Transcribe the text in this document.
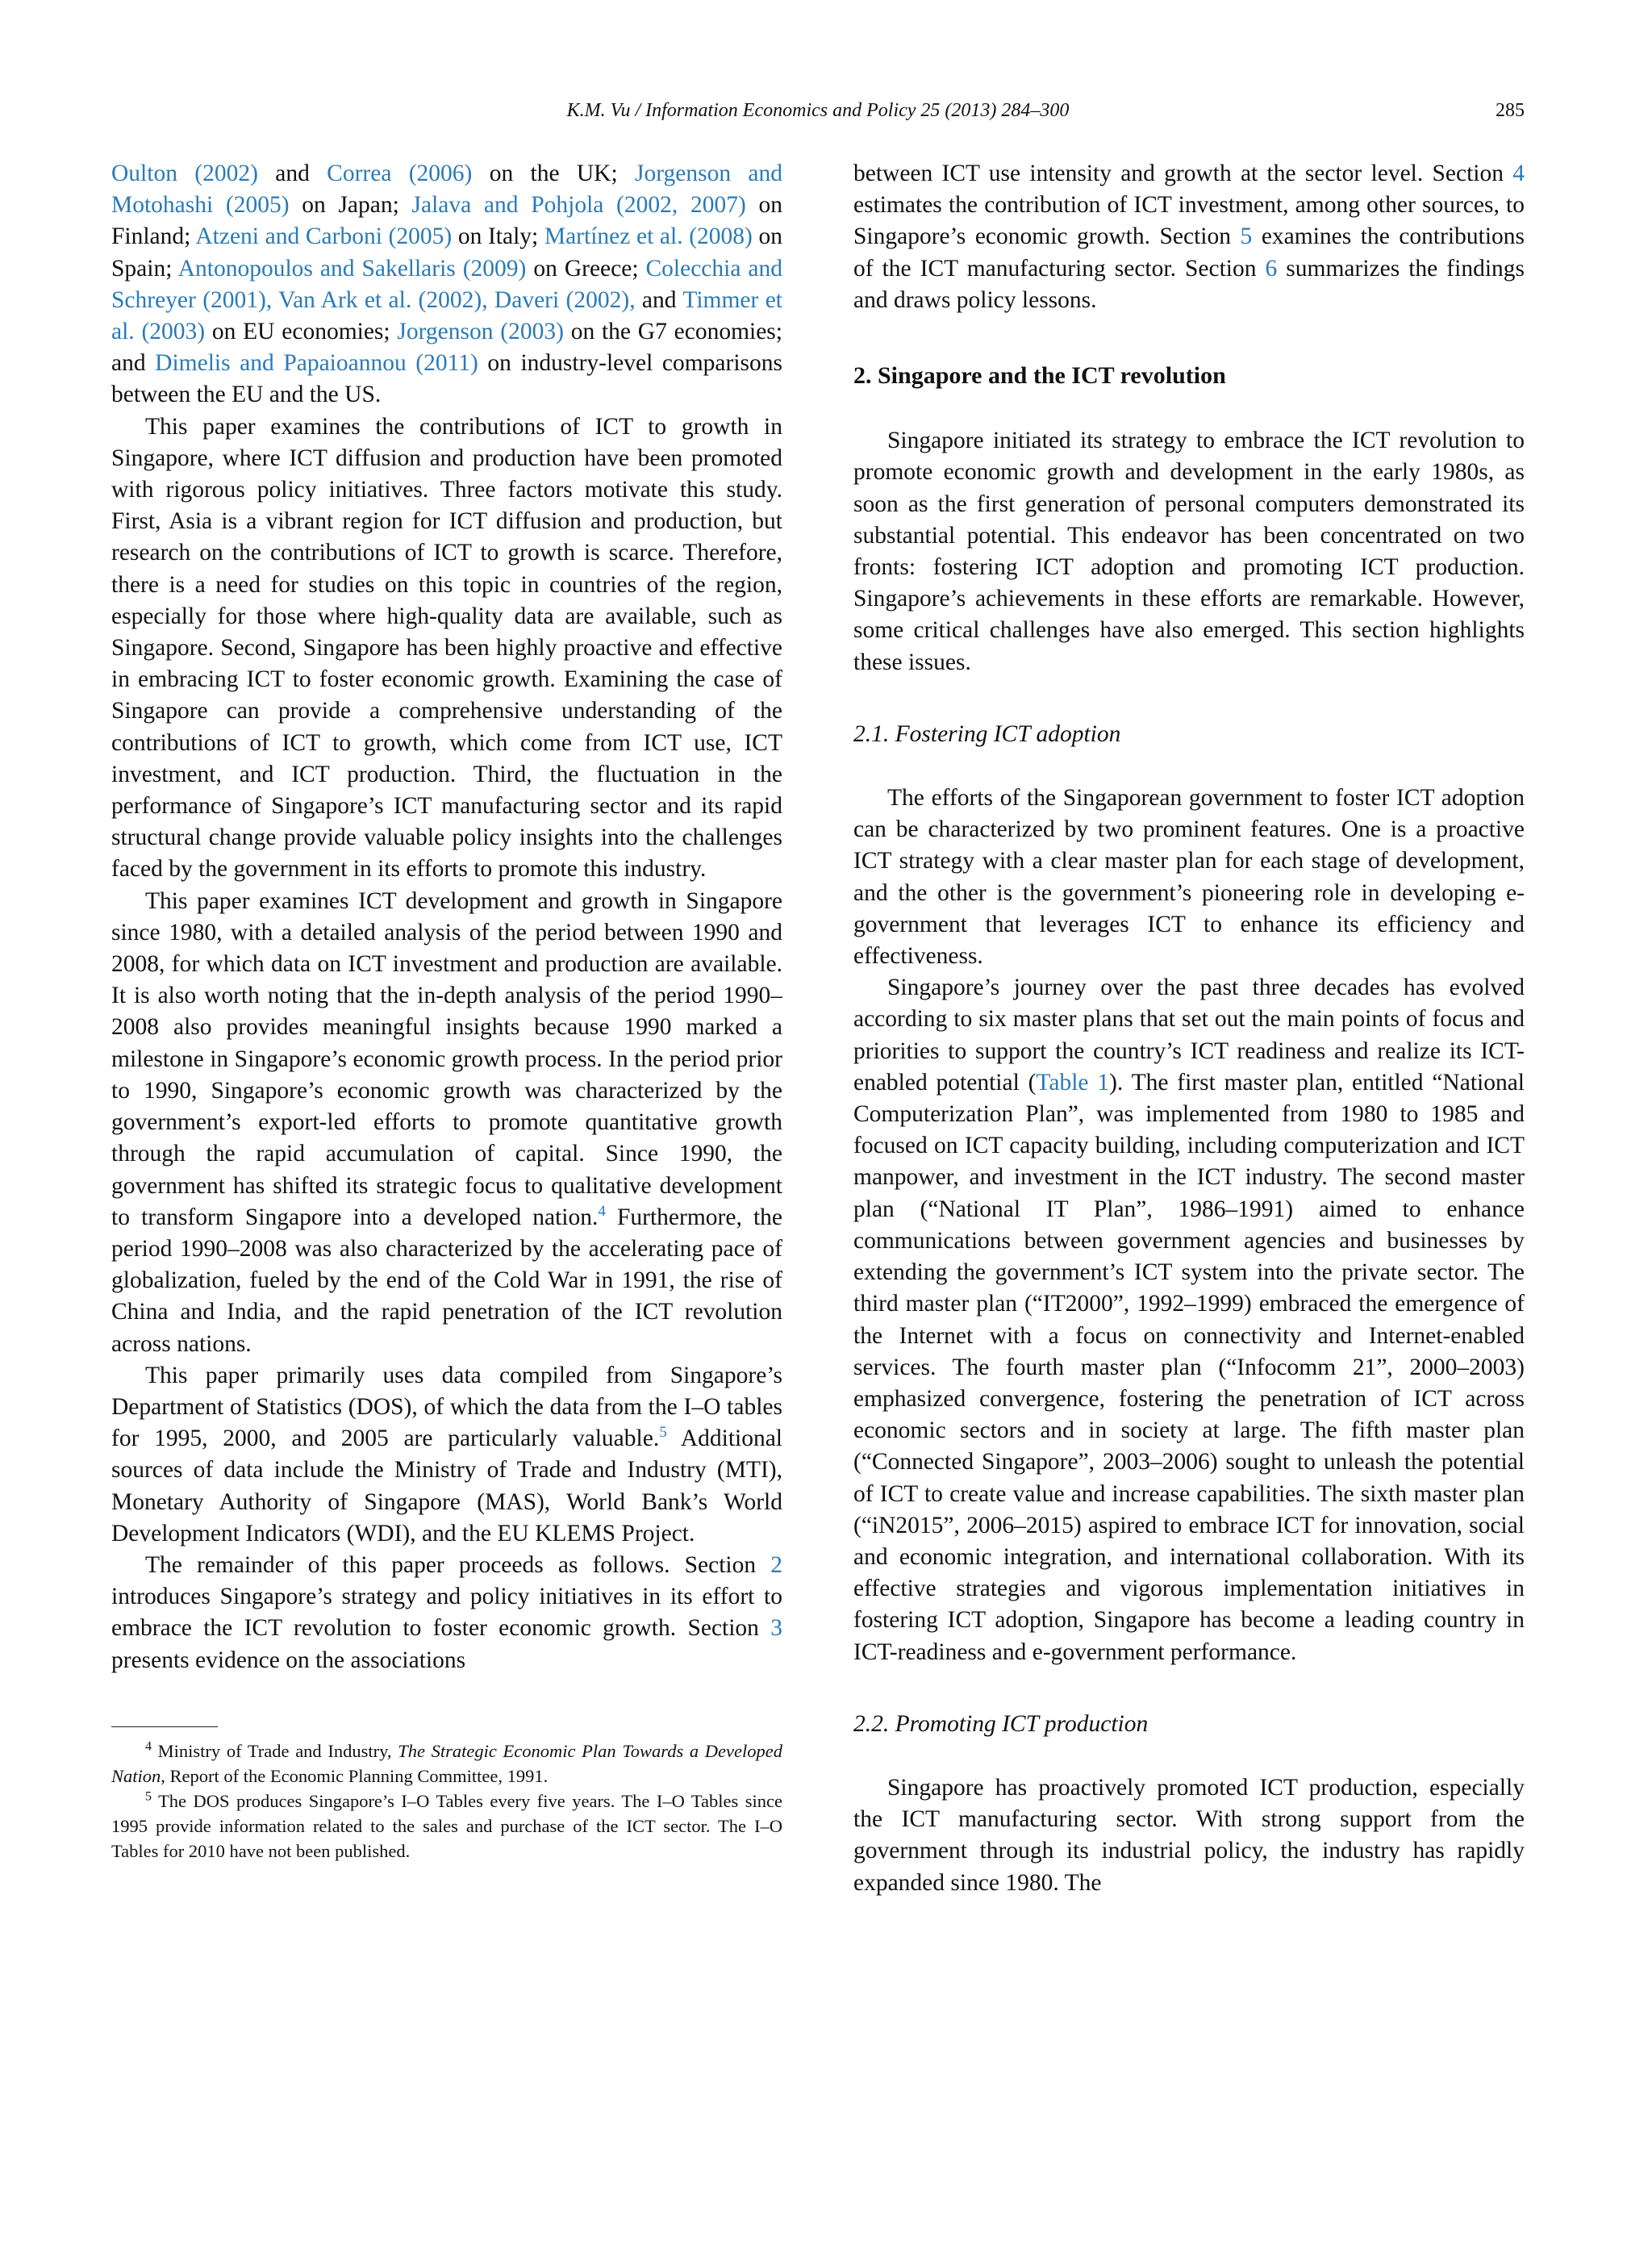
K.M. Vu / Information Economics and Policy 25 (2013) 284–300	285

Oulton (2002) and Correa (2006) on the UK; Jorgenson and Motohashi (2005) on Japan; Jalava and Pohjola (2002, 2007) on Finland; Atzeni and Carboni (2005) on Italy; Martínez et al. (2008) on Spain; Antonopoulos and Sakellaris (2009) on Greece; Colecchia and Schreyer (2001), Van Ark et al. (2002), Daveri (2002), and Timmer et al. (2003) on EU economies; Jorgenson (2003) on the G7 economies; and Dimelis and Papaioannou (2011) on industry-level comparisons between the EU and the US.

This paper examines the contributions of ICT to growth in Singapore, where ICT diffusion and production have been promoted with rigorous policy initiatives. Three factors motivate this study. First, Asia is a vibrant region for ICT diffusion and production, but research on the contributions of ICT to growth is scarce. Therefore, there is a need for studies on this topic in countries of the region, especially for those where high-quality data are available, such as Singapore. Second, Singapore has been highly proactive and effective in embracing ICT to foster economic growth. Examining the case of Singapore can provide a comprehensive understanding of the contributions of ICT to growth, which come from ICT use, ICT investment, and ICT production. Third, the fluctuation in the performance of Singapore’s ICT manufacturing sector and its rapid structural change provide valuable policy insights into the challenges faced by the government in its efforts to promote this industry.

This paper examines ICT development and growth in Singapore since 1980, with a detailed analysis of the period between 1990 and 2008, for which data on ICT investment and production are available. It is also worth noting that the in-depth analysis of the period 1990–2008 also provides meaningful insights because 1990 marked a milestone in Singapore’s economic growth process. In the period prior to 1990, Singapore’s economic growth was characterized by the government’s export-led efforts to promote quantitative growth through the rapid accumulation of capital. Since 1990, the government has shifted its strategic focus to qualitative development to transform Singapore into a developed nation.$^4$ Furthermore, the period 1990–2008 was also characterized by the accelerating pace of globalization, fueled by the end of the Cold War in 1991, the rise of China and India, and the rapid penetration of the ICT revolution across nations.

This paper primarily uses data compiled from Singapore’s Department of Statistics (DOS), of which the data from the I–O tables for 1995, 2000, and 2005 are particularly valuable.$^5$ Additional sources of data include the Ministry of Trade and Industry (MTI), Monetary Authority of Singapore (MAS), World Bank’s World Development Indicators (WDI), and the EU KLEMS Project.

The remainder of this paper proceeds as follows. Section 2 introduces Singapore’s strategy and policy initiatives in its effort to embrace the ICT revolution to foster economic growth. Section 3 presents evidence on the associations

$^4$ Ministry of Trade and Industry, The Strategic Economic Plan Towards a Developed Nation, Report of the Economic Planning Committee, 1991.

$^5$ The DOS produces Singapore’s I–O Tables every five years. The I–O Tables since 1995 provide information related to the sales and purchase of the ICT sector. The I–O Tables for 2010 have not been published.

between ICT use intensity and growth at the sector level. Section 4 estimates the contribution of ICT investment, among other sources, to Singapore’s economic growth. Section 5 examines the contributions of the ICT manufacturing sector. Section 6 summarizes the findings and draws policy lessons.

2. Singapore and the ICT revolution

Singapore initiated its strategy to embrace the ICT revolution to promote economic growth and development in the early 1980s, as soon as the first generation of personal computers demonstrated its substantial potential. This endeavor has been concentrated on two fronts: fostering ICT adoption and promoting ICT production. Singapore’s achievements in these efforts are remarkable. However, some critical challenges have also emerged. This section highlights these issues.

2.1. Fostering ICT adoption

The efforts of the Singaporean government to foster ICT adoption can be characterized by two prominent features. One is a proactive ICT strategy with a clear master plan for each stage of development, and the other is the government’s pioneering role in developing e-government that leverages ICT to enhance its efficiency and effectiveness.

Singapore’s journey over the past three decades has evolved according to six master plans that set out the main points of focus and priorities to support the country’s ICT readiness and realize its ICT-enabled potential (Table 1). The first master plan, entitled “National Computerization Plan”, was implemented from 1980 to 1985 and focused on ICT capacity building, including computerization and ICT manpower, and investment in the ICT industry. The second master plan (“National IT Plan”, 1986–1991) aimed to enhance communications between government agencies and businesses by extending the government’s ICT system into the private sector. The third master plan (“IT2000”, 1992–1999) embraced the emergence of the Internet with a focus on connectivity and Internet-enabled services. The fourth master plan (“Infocomm 21”, 2000–2003) emphasized convergence, fostering the penetration of ICT across economic sectors and in society at large. The fifth master plan (“Connected Singapore”, 2003–2006) sought to unleash the potential of ICT to create value and increase capabilities. The sixth master plan (“iN2015”, 2006–2015) aspired to embrace ICT for innovation, social and economic integration, and international collaboration. With its effective strategies and vigorous implementation initiatives in fostering ICT adoption, Singapore has become a leading country in ICT-readiness and e-government performance.

2.2. Promoting ICT production

Singapore has proactively promoted ICT production, especially the ICT manufacturing sector. With strong support from the government through its industrial policy, the industry has rapidly expanded since 1980. The
